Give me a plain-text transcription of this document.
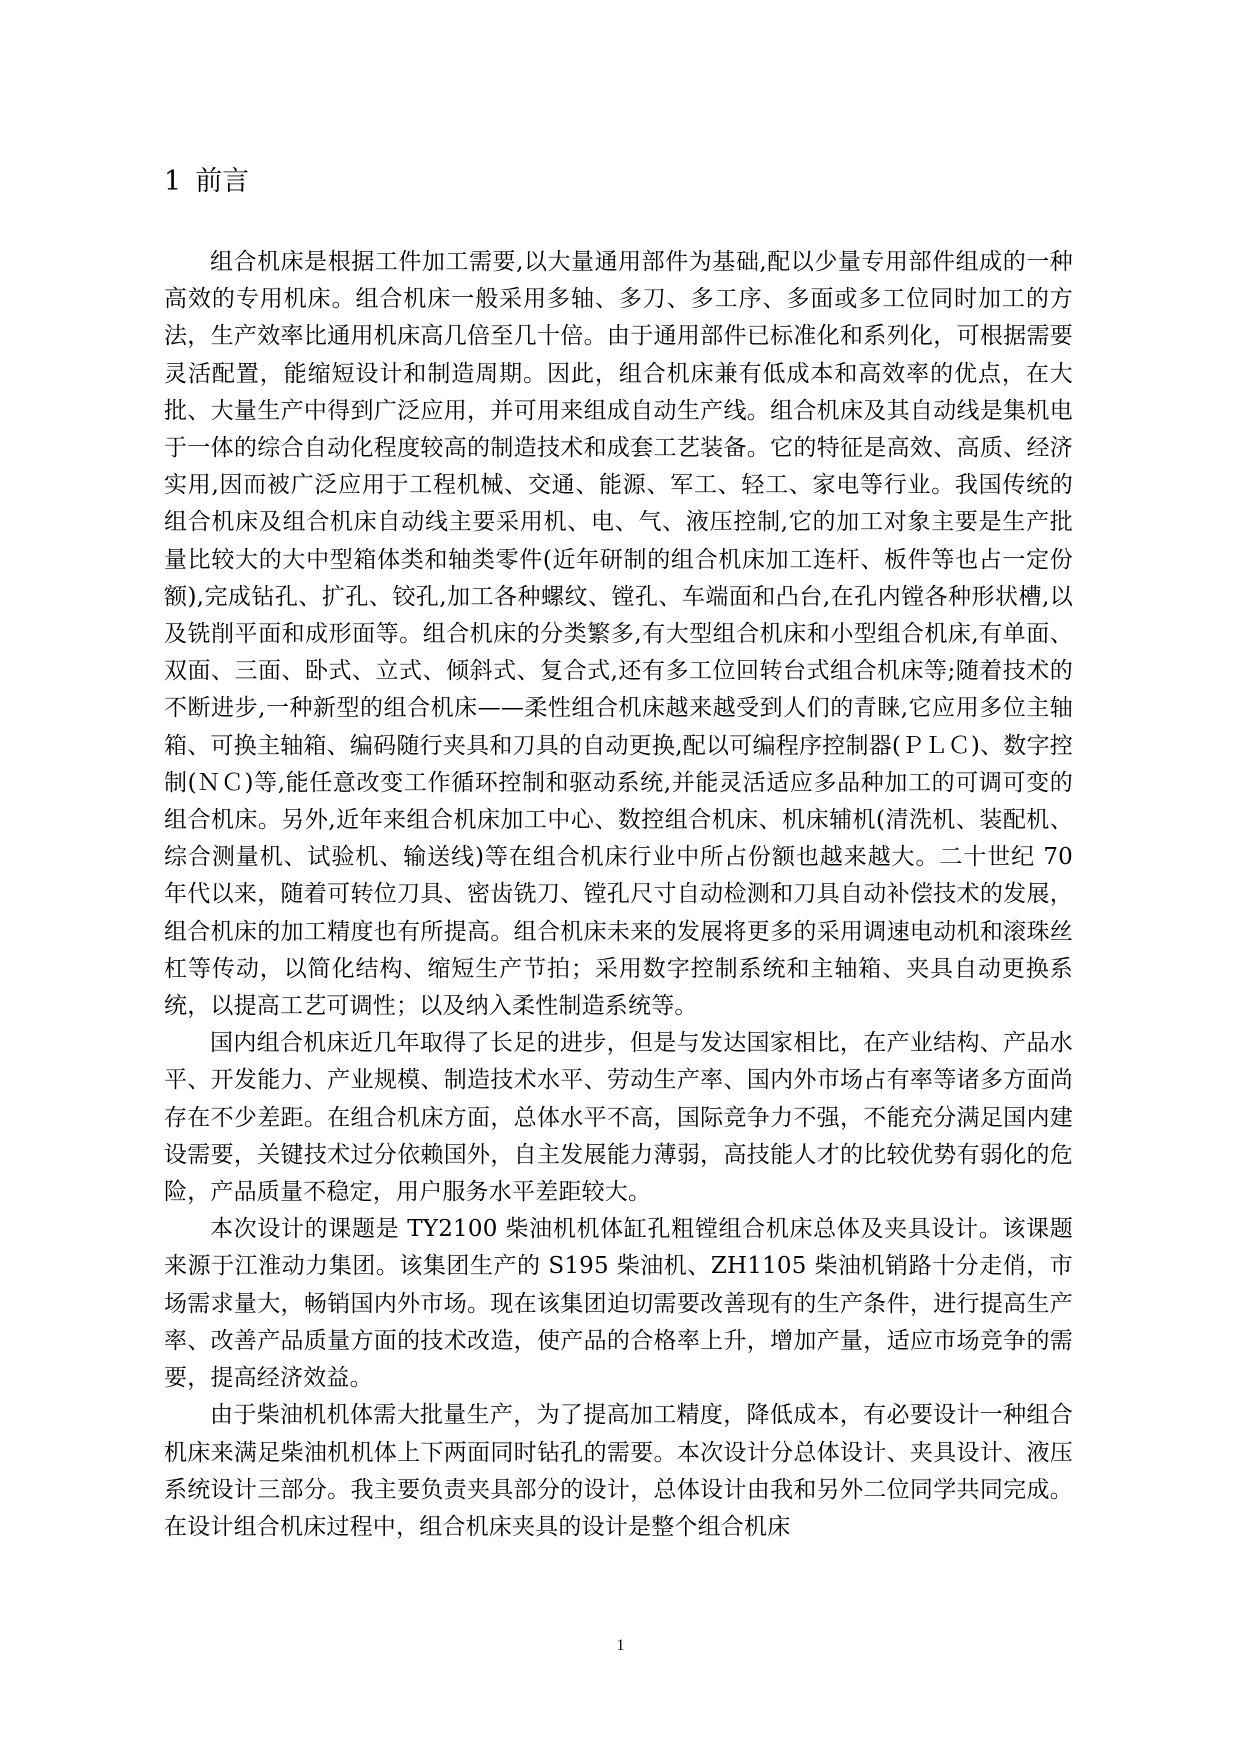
1 前言

组合机床是根据工件加工需要,以大量通用部件为基础,配以少量专用部件组成的一种高效的专用机床。组合机床一般采用多轴、多刀、多工序、多面或多工位同时加工的方法，生产效率比通用机床高几倍至几十倍。由于通用部件已标准化和系列化，可根据需要灵活配置，能缩短设计和制造周期。因此，组合机床兼有低成本和高效率的优点，在大批、大量生产中得到广泛应用，并可用来组成自动生产线。组合机床及其自动线是集机电于一体的综合自动化程度较高的制造技术和成套工艺装备。它的特征是高效、高质、经济实用,因而被广泛应用于工程机械、交通、能源、军工、轻工、家电等行业。我国传统的组合机床及组合机床自动线主要采用机、电、气、液压控制,它的加工对象主要是生产批量比较大的大中型箱体类和轴类零件(近年研制的组合机床加工连杆、板件等也占一定份额),完成钻孔、扩孔、铰孔,加工各种螺纹、镗孔、车端面和凸台,在孔内镗各种形状槽,以及铣削平面和成形面等。组合机床的分类繁多,有大型组合机床和小型组合机床,有单面、双面、三面、卧式、立式、倾斜式、复合式,还有多工位回转台式组合机床等;随着技术的不断进步,一种新型的组合机床——柔性组合机床越来越受到人们的青睐,它应用多位主轴箱、可换主轴箱、编码随行夹具和刀具的自动更换,配以可编程序控制器(ＰＬＣ)、数字控制(ＮＣ)等,能任意改变工作循环控制和驱动系统,并能灵活适应多品种加工的可调可变的组合机床。另外,近年来组合机床加工中心、数控组合机床、机床辅机(清洗机、装配机、综合测量机、试验机、输送线)等在组合机床行业中所占份额也越来越大。二十世纪 70 年代以来，随着可转位刀具、密齿铣刀、镗孔尺寸自动检测和刀具自动补偿技术的发展，组合机床的加工精度也有所提高。组合机床未来的发展将更多的采用调速电动机和滚珠丝杠等传动，以简化结构、缩短生产节拍；采用数字控制系统和主轴箱、夹具自动更换系统，以提高工艺可调性；以及纳入柔性制造系统等。

国内组合机床近几年取得了长足的进步，但是与发达国家相比，在产业结构、产品水平、开发能力、产业规模、制造技术水平、劳动生产率、国内外市场占有率等诸多方面尚存在不少差距。在组合机床方面，总体水平不高，国际竞争力不强，不能充分满足国内建设需要，关键技术过分依赖国外，自主发展能力薄弱，高技能人才的比较优势有弱化的危险，产品质量不稳定，用户服务水平差距较大。

本次设计的课题是 TY2100 柴油机机体缸孔粗镗组合机床总体及夹具设计。该课题来源于江淮动力集团。该集团生产的 S195 柴油机、ZH1105 柴油机销路十分走俏，市场需求量大，畅销国内外市场。现在该集团迫切需要改善现有的生产条件，进行提高生产率、改善产品质量方面的技术改造，使产品的合格率上升，增加产量，适应市场竞争的需要，提高经济效益。

由于柴油机机体需大批量生产，为了提高加工精度，降低成本，有必要设计一种组合机床来满足柴油机机体上下两面同时钻孔的需要。本次设计分总体设计、夹具设计、液压系统设计三部分。我主要负责夹具部分的设计，总体设计由我和另外二位同学共同完成。在设计组合机床过程中，组合机床夹具的设计是整个组合机床

1
